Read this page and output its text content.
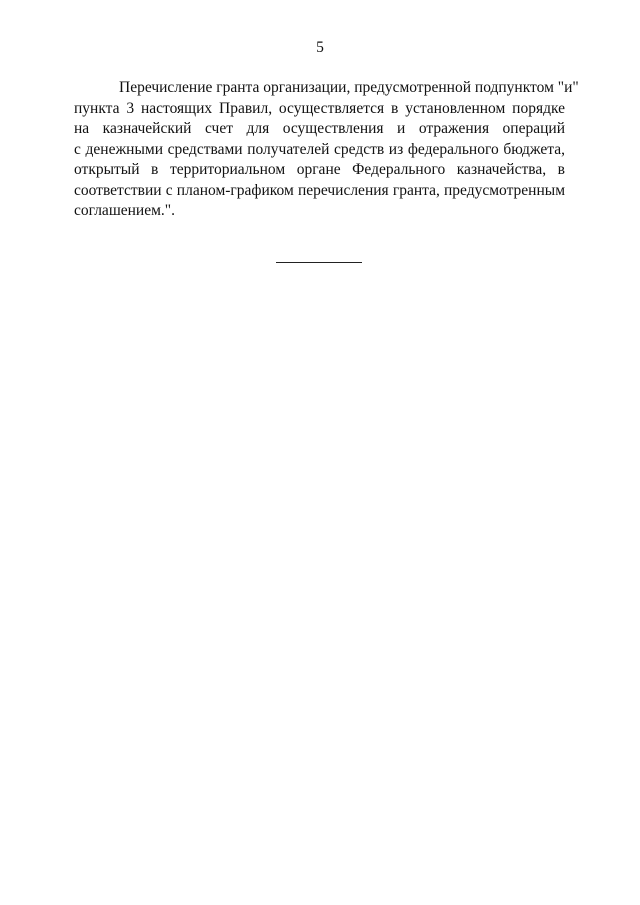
5
Перечисление гранта организации, предусмотренной подпунктом "и"
пункта 3 настоящих Правил, осуществляется в установленном порядке
на казначейский счет для осуществления и отражения операций
с денежными средствами получателей средств из федерального бюджета,
открытый в территориальном органе Федерального казначейства, в
соответствии с планом-графиком перечисления гранта, предусмотренным
соглашением.".
